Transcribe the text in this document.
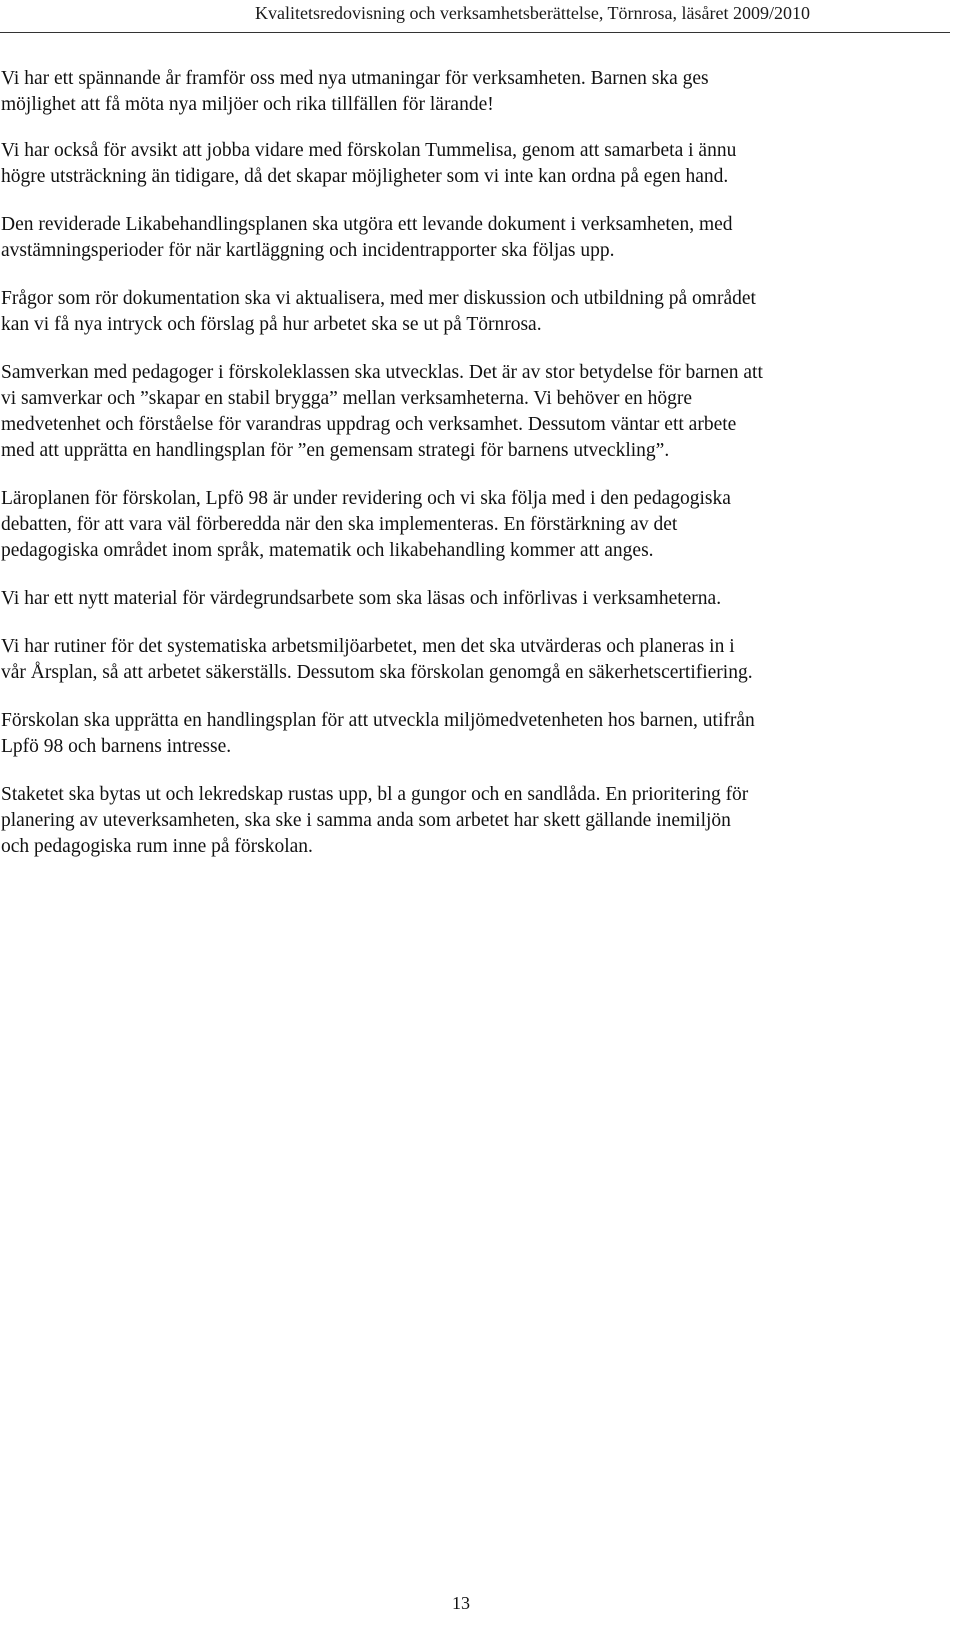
Kvalitetsredovisning och verksamhetsberättelse, Törnrosa, läsåret 2009/2010

Vi har ett spännande år framför oss med nya utmaningar för verksamheten. Barnen ska ges
möjlighet att få möta nya miljöer och rika tillfällen för lärande!

Vi har också för avsikt att jobba vidare med förskolan Tummelisa, genom att samarbeta i ännu
högre utsträckning än tidigare, då det skapar möjligheter som vi inte kan ordna på egen hand.

Den reviderade Likabehandlingsplanen ska utgöra ett levande dokument i verksamheten, med
avstämningsperioder för när kartläggning och incidentrapporter ska följas upp.

Frågor som rör dokumentation ska vi aktualisera, med mer diskussion och utbildning på området
kan vi få nya intryck och förslag på hur arbetet ska se ut på Törnrosa.

Samverkan med pedagoger i förskoleklassen ska utvecklas. Det är av stor betydelse för barnen att
vi samverkar och ”skapar en stabil brygga” mellan verksamheterna. Vi behöver en högre
medvetenhet och förståelse för varandras uppdrag och verksamhet. Dessutom väntar ett arbete
med att upprätta en handlingsplan för ”en gemensam strategi för barnens utveckling”.

Läroplanen för förskolan, Lpfö 98 är under revidering och vi ska följa med i den pedagogiska
debatten, för att vara väl förberedda när den ska implementeras. En förstärkning av det
pedagogiska området inom språk, matematik och likabehandling kommer att anges.

Vi har ett nytt material för värdegrundsarbete som ska läsas och införlivas i verksamheterna.

Vi har rutiner för det systematiska arbetsmiljöarbetet, men det ska utvärderas och planeras in i
vår Årsplan, så att arbetet säkerställs. Dessutom ska förskolan genomgå en säkerhetscertifiering.

Förskolan ska upprätta en handlingsplan för att utveckla miljömedvetenheten hos barnen, utifrån
Lpfö 98 och barnens intresse.

Staketet ska bytas ut och lekredskap rustas upp, bl a gungor och en sandlåda. En prioritering för
planering av uteverksamheten, ska ske i samma anda som arbetet har skett gällande inemiljön
och pedagogiska rum inne på förskolan.

13
